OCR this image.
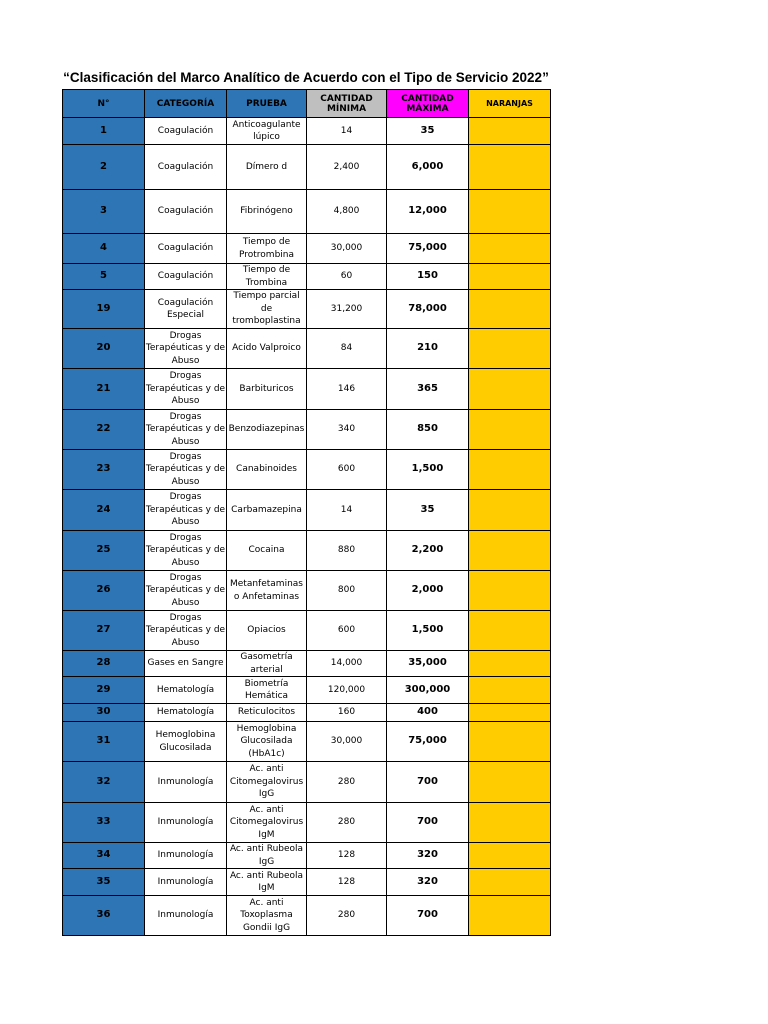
“Clasificación del Marco Analítico de Acuerdo con el Tipo de Servicio 2022”
N°	CATEGORÍA	PRUEBA	CANTIDAD MÍNIMA	CANTIDAD MÁXIMA	NARANJAS
1	Coagulación	Anticoagulante lúpico	14	35	
2	Coagulación	Dímero d	2,400	6,000	
3	Coagulación	Fibrinógeno	4,800	12,000	
4	Coagulación	Tiempo de Protrombina	30,000	75,000	
5	Coagulación	Tiempo de Trombina	60	150	
19	Coagulación Especial	Tiempo parcial de tromboplastina	31,200	78,000	
20	Drogas Terapéuticas y de Abuso	Acido Valproico	84	210	
21	Drogas Terapéuticas y de Abuso	Barbituricos	146	365	
22	Drogas Terapéuticas y de Abuso	Benzodiazepinas	340	850	
23	Drogas Terapéuticas y de Abuso	Canabinoides	600	1,500	
24	Drogas Terapéuticas y de Abuso	Carbamazepina	14	35	
25	Drogas Terapéuticas y de Abuso	Cocaina	880	2,200	
26	Drogas Terapéuticas y de Abuso	Metanfetaminas o Anfetaminas	800	2,000	
27	Drogas Terapéuticas y de Abuso	Opiacios	600	1,500	
28	Gases en Sangre	Gasometría arterial	14,000	35,000	
29	Hematología	Biometría Hemática	120,000	300,000	
30	Hematología	Reticulocitos	160	400	
31	Hemoglobina Glucosilada	Hemoglobina Glucosilada (HbA1c)	30,000	75,000	
32	Inmunología	Ac. anti Citomegalovirus IgG	280	700	
33	Inmunología	Ac. anti Citomegalovirus IgM	280	700	
34	Inmunología	Ac. anti Rubeola IgG	128	320	
35	Inmunología	Ac. anti Rubeola IgM	128	320	
36	Inmunología	Ac. anti Toxoplasma Gondii IgG	280	700	
